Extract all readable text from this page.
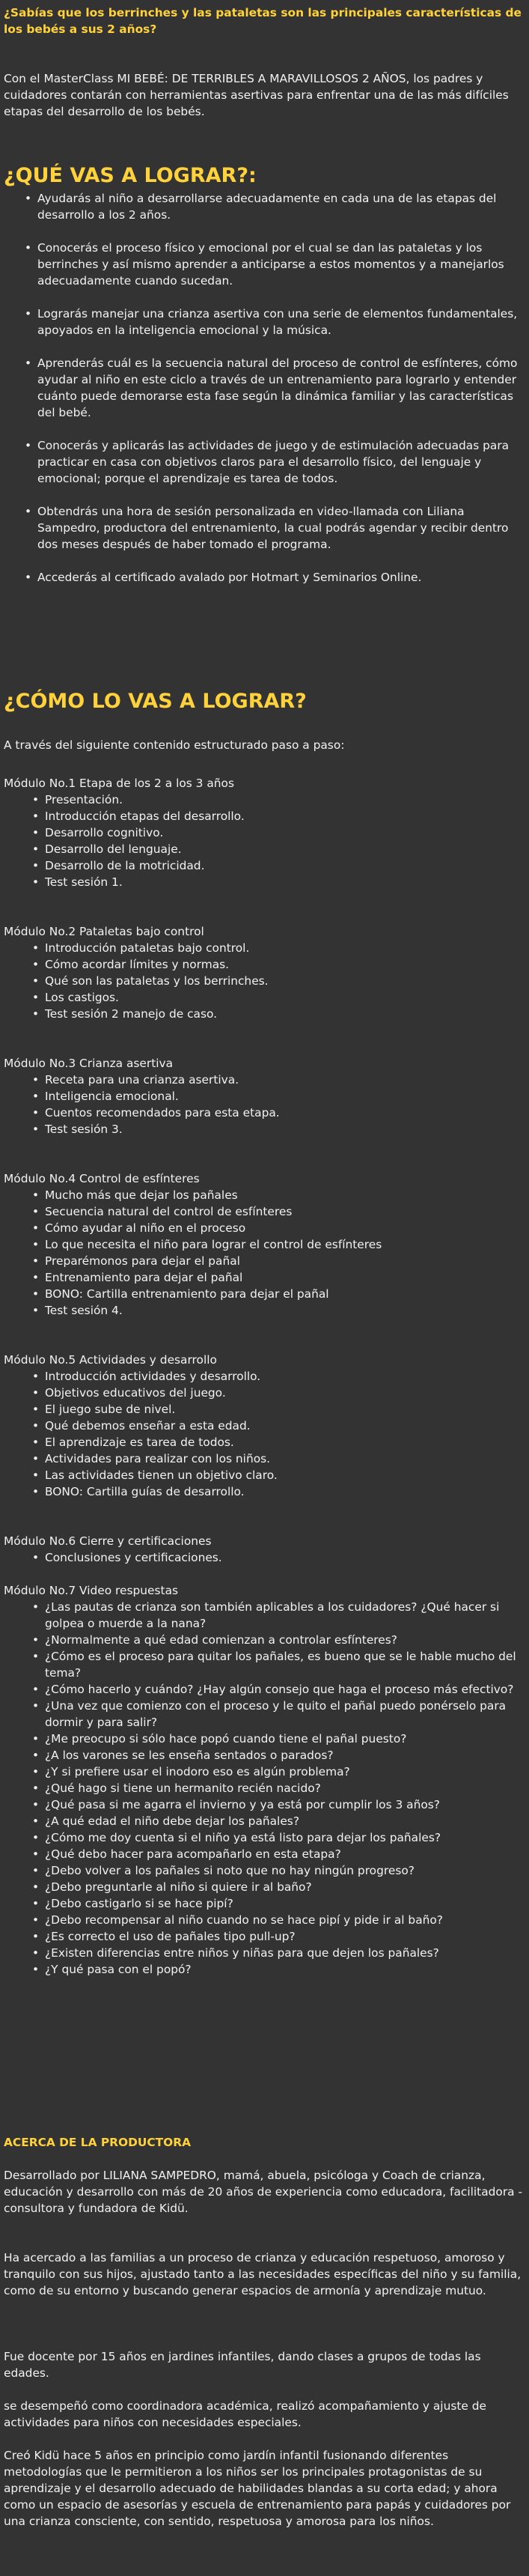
¿Sabías que los berrinches y las pataletas son las principales características de los bebés a sus 2 años?

Con el MasterClass MI BEBÉ: DE TERRIBLES A MARAVILLOSOS 2 AÑOS, los padres y cuidadores contarán con herramientas asertivas para enfrentar una de las más difíciles etapas del desarrollo de los bebés.

¿QUÉ VAS A LOGRAR?:
• Ayudarás al niño a desarrollarse adecuadamente en cada una de las etapas del desarrollo a los 2 años.
• Conocerás el proceso físico y emocional por el cual se dan las pataletas y los berrinches y así mismo aprender a anticiparse a estos momentos y a manejarlos adecuadamente cuando sucedan.
• Lograrás manejar una crianza asertiva con una serie de elementos fundamentales, apoyados en la inteligencia emocional y la música.
• Aprenderás cuál es la secuencia natural del proceso de control de esfínteres, cómo ayudar al niño en este ciclo a través de un entrenamiento para lograrlo y entender cuánto puede demorarse esta fase según la dinámica familiar y las características del bebé.
• Conocerás y aplicarás las actividades de juego y de estimulación adecuadas para practicar en casa con objetivos claros para el desarrollo físico, del lenguaje y emocional; porque el aprendizaje es tarea de todos.
• Obtendrás una hora de sesión personalizada en video-llamada con Liliana Sampedro, productora del entrenamiento, la cual podrás agendar y recibir dentro dos meses después de haber tomado el programa.
• Accederás al certificado avalado por Hotmart y Seminarios Online.
¿CÓMO LO VAS A LOGRAR?

A través del siguiente contenido estructurado paso a paso:

Módulo No.1 Etapa de los 2 a los 3 años

• Presentación.
• Introducción etapas del desarrollo.
• Desarrollo cognitivo.
• Desarrollo del lenguaje.
• Desarrollo de la motricidad.
• Test sesión 1.

Módulo No.2 Pataletas bajo control

• Introducción pataletas bajo control.
• Cómo acordar límites y normas.
• Qué son las pataletas y los berrinches.
• Los castigos.
• Test sesión 2 manejo de caso.

Módulo No.3 Crianza asertiva

• Receta para una crianza asertiva.
• Inteligencia emocional.
• Cuentos recomendados para esta etapa.
• Test sesión 3.

Módulo No.4 Control de esfínteres

• Mucho más que dejar los pañales
• Secuencia natural del control de esfínteres
• Cómo ayudar al niño en el proceso
• Lo que necesita el niño para lograr el control de esfínteres
• Preparémonos para dejar el pañal
• Entrenamiento para dejar el pañal
• BONO: Cartilla entrenamiento para dejar el pañal
• Test sesión 4.

Módulo No.5 Actividades y desarrollo

• Introducción actividades y desarrollo.
• Objetivos educativos del juego.
• El juego sube de nivel.
• Qué debemos enseñar a esta edad.
• El aprendizaje es tarea de todos.
• Actividades para realizar con los niños.
• Las actividades tienen un objetivo claro.
• BONO: Cartilla guías de desarrollo.

Módulo No.6 Cierre y certificaciones

• Conclusiones y certificaciones.

Módulo No.7 Video respuestas

• ¿Las pautas de crianza son también aplicables a los cuidadores? ¿Qué hacer si golpea o muerde a la nana?
• ¿Normalmente a qué edad comienzan a controlar esfínteres?
• ¿Cómo es el proceso para quitar los pañales, es bueno que se le hable mucho del tema?
• ¿Cómo hacerlo y cuándo? ¿Hay algún consejo que haga el proceso más efectivo?
• ¿Una vez que comienzo con el proceso y le quito el pañal puedo ponérselo para dormir y para salir?
• ¿Me preocupo si sólo hace popó cuando tiene el pañal puesto?
• ¿A los varones se les enseña sentados o parados?
• ¿Y si prefiere usar el inodoro eso es algún problema?
• ¿Qué hago si tiene un hermanito recién nacido?
• ¿Qué pasa si me agarra el invierno y ya está por cumplir los 3 años?
• ¿A qué edad el niño debe dejar los pañales?
• ¿Cómo me doy cuenta si el niño ya está listo para dejar los pañales?
• ¿Qué debo hacer para acompañarlo en esta etapa?
• ¿Debo volver a los pañales si noto que no hay ningún progreso?
• ¿Debo preguntarle al niño si quiere ir al baño?
• ¿Debo castigarlo si se hace pipí?
• ¿Debo recompensar al niño cuando no se hace pipí y pide ir al baño?
• ¿Es correcto el uso de pañales tipo pull-up?
• ¿Existen diferencias entre niños y niñas para que dejen los pañales?
• ¿Y qué pasa con el popó?
ACERCA DE LA PRODUCTORA

Desarrollado por LILIANA SAMPEDRO, mamá, abuela, psicóloga y Coach de crianza, educación y desarrollo con más de 20 años de experiencia como educadora, facilitadora - consultora y fundadora de Kidü.

Ha acercado a las familias a un proceso de crianza y educación respetuoso, amoroso y tranquilo con sus hijos, ajustado tanto a las necesidades específicas del niño y su familia, como de su entorno y buscando generar espacios de armonía y aprendizaje mutuo.

Fue docente por 15 años en jardines infantiles, dando clases a grupos de todas las edades.

se desempeñó como coordinadora académica, realizó acompañamiento y ajuste de actividades para niños con necesidades especiales.

Creó Kidü hace 5 años en principio como jardín infantil fusionando diferentes metodologías que le permitieron a los niños ser los principales protagonistas de su aprendizaje y el desarrollo adecuado de habilidades blandas a su corta edad; y ahora como un espacio de asesorías y escuela de entrenamiento para papás y cuidadores por una crianza consciente, con sentido, respetuosa y amorosa para los niños.
